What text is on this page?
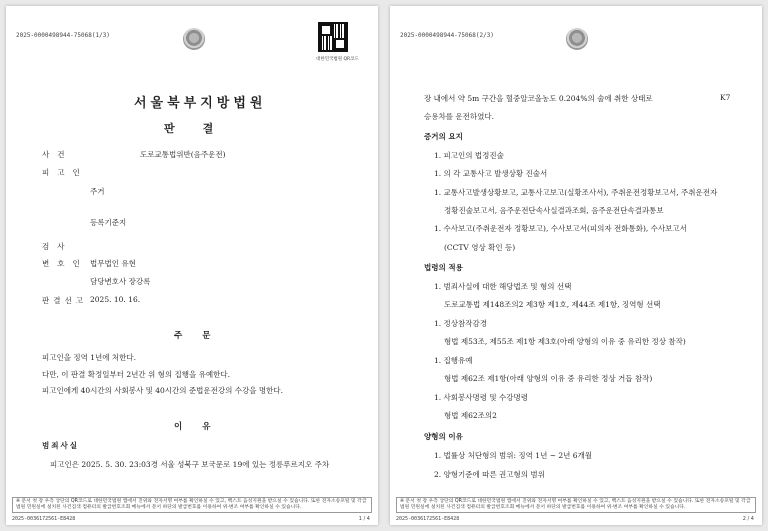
2025-0000498944-75068(1/3)
대한민국법원 QR코드
서울북부지방법원
판결
사건	도로교통법위반(음주운전)
피고인
주거
등록기준지
검사
변호인 법무법인 유현
담당변호사 장강록
판결선고 2025. 10. 16.
주문
피고인을 징역 1년에 처한다.
다만, 이 판결 확정일부터 2년간 위 형의 집행을 유예한다.
피고인에게 40시간의 사회봉사 및 40시간의 준법운전강의 수강을 명한다.
이유
범죄사실
피고인은 2025. 5. 30. 23:03경 서울 성북구 보국문로 19에 있는 정릉푸르지오 주차
※ 문서 첫 장 우측 상단의 QR코드로 대한민국법원 앱에서 진위와 전자서명 여부를 확인하실 수 있고, 백스트 음성지원을 받으실 수 있습니다. 또한 전자소송포털 및 각급 법원 민원실에 설치된 사건검색 컴퓨터의 발급번호조회 메뉴에서 문서 하단의 발급번호를 이용하여 위·변조 여부를 확인하실 수 있습니다.
2025-0036172561-E8428	1 / 4
2025-0000498944-75068(2/3)
장 내에서 약 5m 구간을 혈중알코올농도 0.204%의 술에 취한 상태로	K7
승용차를 운전하였다.
증거의 요지
1. 피고인의 법정진술
1. 의 각 교통사고 발생상황 진술서
1. 교통사고발생상황보고, 교통사고보고(실황조사서), 주취운전정황보고서, 주취운전자
정황진술보고서, 음주운전단속사실결과조회, 음주운전단속결과통보
1. 수사보고(주취운전자 정황보고), 수사보고서(피의자 전화통화), 수사보고서
(CCTV 영상 확인 등)
법령의 적용
1. 범죄사실에 대한 해당법조 및 형의 선택
도로교통법 제148조의2 제3항 제1호, 제44조 제1항, 징역형 선택
1. 정상참작감경
형법 제53조, 제55조 제1항 제3호(아래 양형의 이유 중 유리한 정상 참작)
1. 집행유예
형법 제62조 제1항(아래 양형의 이유 중 유리한 정상 거듭 참작)
1. 사회봉사명령 및 수강명령
형법 제62조의2
양형의 이유
1. 법률상 처단형의 범위: 징역 1년 ~ 2년 6개월
2. 양형기준에 따른 권고형의 범위
※ 문서 첫 장 우측 상단의 QR코드로 대한민국법원 앱에서 진위와 전자서명 여부를 확인하실 수 있고, 백스트 음성지원을 받으실 수 있습니다. 또한 전자소송포털 및 각급 법원 민원실에 설치된 사건검색 컴퓨터의 발급번호조회 메뉴에서 문서 하단의 발급번호를 이용하여 위·변조 여부를 확인하실 수 있습니다.
2025-0036172561-E8428	2 / 4
